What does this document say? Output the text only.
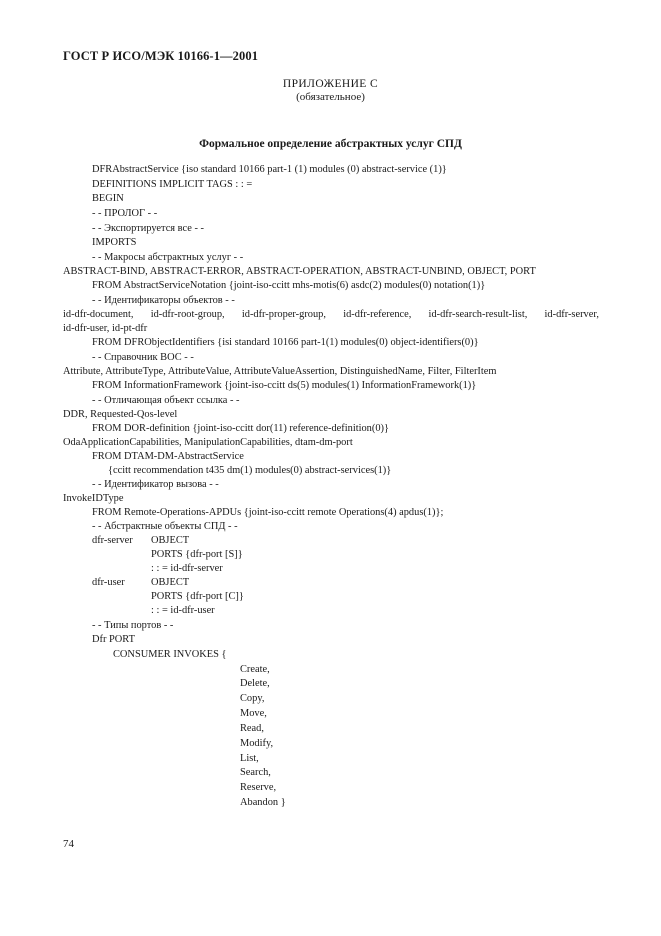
ГОСТ Р ИСО/МЭК 10166-1—2001
ПРИЛОЖЕНИЕ С
(обязательное)
Формальное определение абстрактных услуг СПД
DFRAbstractService {iso standard 10166 part-1 (1) modules (0) abstract-service (1)}
DEFINITIONS IMPLICIT TAGS : : =
BEGIN
- - ПРОЛОГ - -
- - Экспортируется все - -
IMPORTS
- - Макросы абстрактных услуг - -
ABSTRACT-BIND, ABSTRACT-ERROR, ABSTRACT-OPERATION, ABSTRACT-UNBIND, OBJECT, PORT
FROM AbstractServiceNotation {joint-iso-ccitt mhs-motis(6) asdc(2) modules(0) notation(1)}
- - Идентификаторы объектов - -
id-dfr-document, id-dfr-root-group, id-dfr-proper-group, id-dfr-reference, id-dfr-search-result-list, id-dfr-server,
id-dfr-user, id-pt-dfr
FROM DFRObjectIdentifiers {isi standard 10166 part-1(1) modules(0) object-identifiers(0)}
- - Справочник ВОС - -
Attribute, AttributeType, AttributeValue, AttributeValueAssertion, DistinguishedName, Filter, FilterItem
FROM InformationFramework {joint-iso-ccitt ds(5) modules(1) InformationFramework(1)}
- - Отличающая объект ссылка - -
DDR, Requested-Qos-level
FROM DOR-definition {joint-iso-ccitt dor(11) reference-definition(0)}
OdaApplicationCapabilities, ManipulationCapabilities, dtam-dm-port
FROM DTAM-DM-AbstractService
{ccitt recommendation t435 dm(1) modules(0) abstract-services(1)}
- - Идентификатор вызова - -
InvokeIDType
FROM Remote-Operations-APDUs {joint-iso-ccitt remote Operations(4) apdus(1)};
- - Абстрактные объекты СПД - -
dfr-server OBJECT
PORTS {dfr-port [S]}
: : = id-dfr-server
dfr-user	OBJECT
PORTS {dfr-port [C]}
: : = id-dfr-user
- - Типы портов - -
Dfr PORT
CONSUMER INVOKES {
Create,
Delete,
Copy,
Move,
Read,
Modify,
List,
Search,
Reserve,
Abandon }
74
